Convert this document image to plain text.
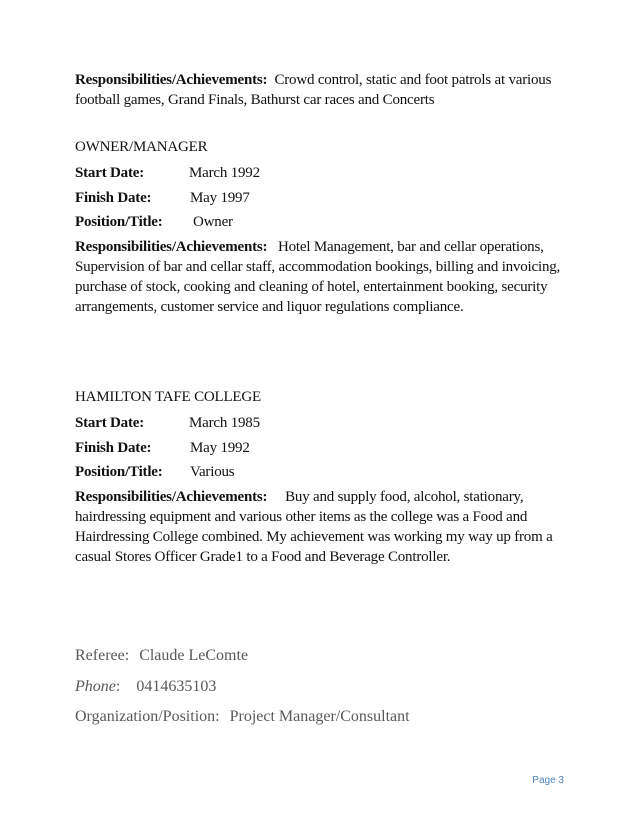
Responsibilities/Achievements: Crowd control, static and foot patrols at various football games, Grand Finals, Bathurst car races and Concerts
OWNER/MANAGER
Start Date:	March 1992
Finish Date:	May 1997
Position/Title: Owner
Responsibilities/Achievements: Hotel Management, bar and cellar operations, Supervision of bar and cellar staff, accommodation bookings, billing and invoicing, purchase of stock, cooking and cleaning of hotel, entertainment booking, security arrangements, customer service and liquor regulations compliance.
HAMILTON TAFE COLLEGE
Start Date:	March 1985
Finish Date:	May 1992
Position/Title: Various
Responsibilities/Achievements: Buy and supply food, alcohol, stationary, hairdressing equipment and various other items as the college was a Food and Hairdressing College combined. My achievement was working my way up from a casual Stores Officer Grade1 to a Food and Beverage Controller.
Referee: Claude LeComte
Phone: 0414635103
Organization/Position: Project Manager/Consultant
Page 3
